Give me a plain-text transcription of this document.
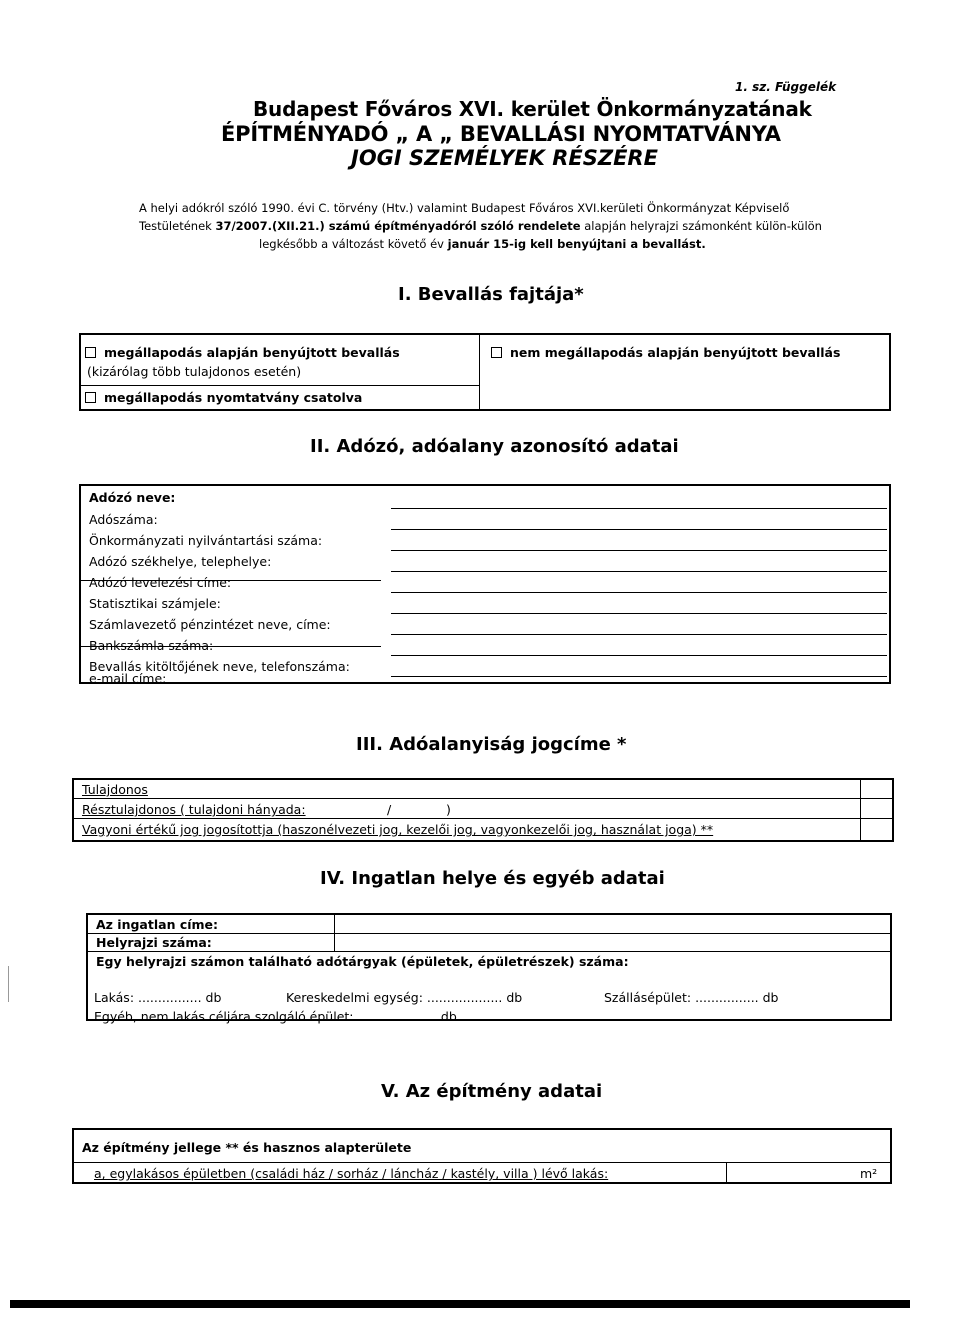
1. sz. Függelék
Budapest Főváros XVI. kerület Önkormányzatának
ÉPÍTMÉNYADÓ „ A „ BEVALLÁSI NYOMTATVÁNYA
JOGI SZEMÉLYEK RÉSZÉRE

A helyi adókról szóló 1990. évi C. törvény (Htv.) valamint Budapest Főváros XVI.kerületi Önkormányzat Képviselő

Testületének 37/2007.(XII.21.) számú építményadóról szóló rendelete alapján helyrajzi számonként külön-külön

legkésőbb a változást követő év január 15-ig kell benyújtani a bevallást.

I. Bevallás fajtája*
megállapodás alapján benyújtott bevallás
(kizárólag több tulajdonos esetén)
megállapodás nyomtatvány csatolva
nem megállapodás alapján benyújtott bevallás
II. Adózó, adóalany azonosító adatai
Adózó neve:
Adószáma:
Önkormányzati nyilvántartási száma:
Adózó székhelye, telephelye:
Adózó levelezési címe:
Statisztikai számjele:
Számlavezető pénzintézet neve, címe:
Bankszámla száma:
Bevallás kitöltőjének neve, telefonszáma:
e-mail címe:
III. Adóalanyiság jogcíme *
Tulajdonos
Résztulajdonos ( tulajdoni hányada:	/	)
Vagyoni értékű jog jogosítottja (haszonélvezeti jog, kezelői jog, vagyonkezelői jog, használat joga) **
IV. Ingatlan helye és egyéb adatai
Az ingatlan címe:
Helyrajzi száma:
Egy helyrajzi számon található adótárgyak (épületek, épületrészek) száma:
Lakás: ................ db	Kereskedelmi egység: ................... db	Szállásépület: ................ db
Egyéb, nem lakás céljára szolgáló épület: .................... db
V. Az építmény adatai
Az építmény jellege ** és hasznos alapterülete
a, egylakásos épületben (családi ház / sorház / láncház / kastély, villa ) lévő lakás:	m²
